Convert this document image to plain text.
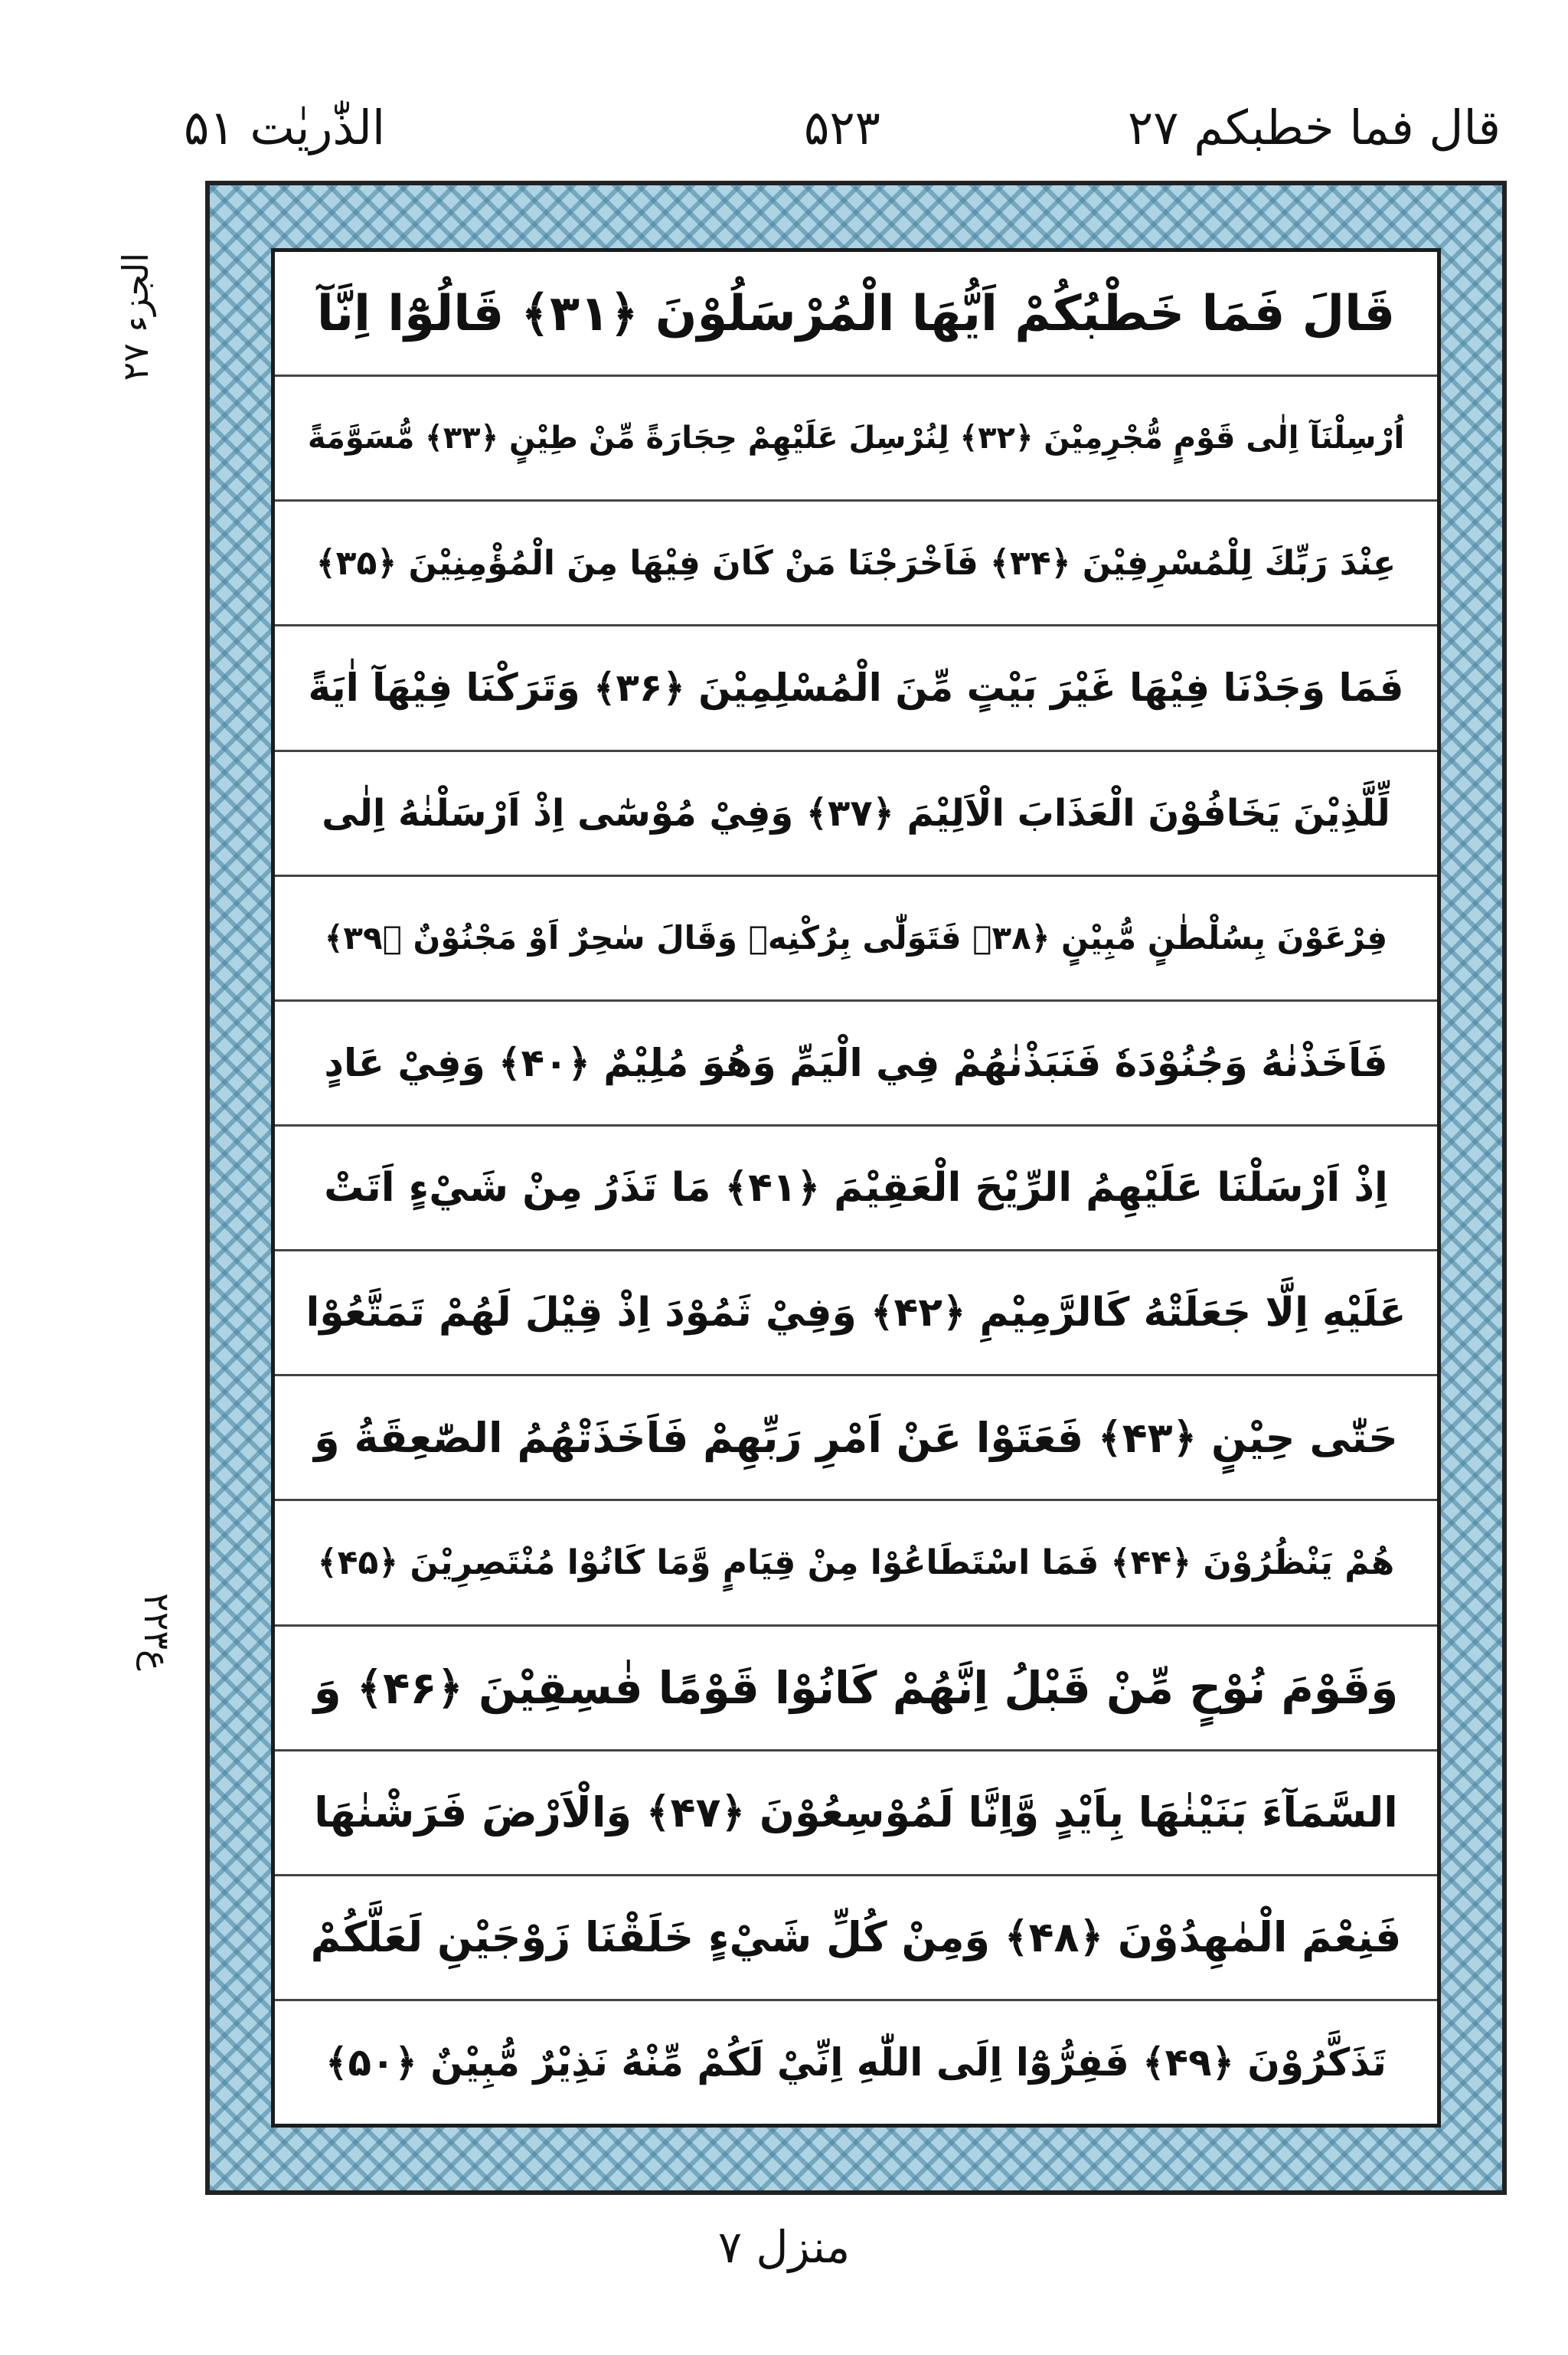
قال فما خطبکم ۲۷
۵۲۳
الذّٰریٰت ۵۱
الجزء ۲۷
۲ع۲۳
قَالَ فَمَا خَطْبُكُمْ اَيُّهَا الْمُرْسَلُوْنَ ﴿۳۱﴾ قَالُوْٓا اِنَّآ
اُرْسِلْنَآ اِلٰى قَوْمٍ مُّجْرِمِيْنَ ﴿۳۲﴾ لِنُرْسِلَ عَلَيْهِمْ حِجَارَةً مِّنْ طِيْنٍ ﴿۳۳﴾ مُّسَوَّمَةً
عِنْدَ رَبِّكَ لِلْمُسْرِفِيْنَ ﴿۳۴﴾ فَاَخْرَجْنَا مَنْ كَانَ فِيْهَا مِنَ الْمُؤْمِنِيْنَ ﴿۳۵﴾
فَمَا وَجَدْنَا فِيْهَا غَيْرَ بَيْتٍ مِّنَ الْمُسْلِمِيْنَ ﴿۳۶﴾ وَتَرَكْنَا فِيْهَآ اٰيَةً
لِّلَّذِيْنَ يَخَافُوْنَ الْعَذَابَ الْاَلِيْمَ ﴿۳۷﴾ وَفِيْ مُوْسٰٓى اِذْ اَرْسَلْنٰهُ اِلٰى
فِرْعَوْنَ بِسُلْطٰنٍ مُّبِيْنٍ ﴿۳۸﴾ فَتَوَلّٰى بِرُكْنِهٖ وَقَالَ سٰحِرٌ اَوْ مَجْنُوْنٌ ﴿۳۹﴾
فَاَخَذْنٰهُ وَجُنُوْدَهٗ فَنَبَذْنٰهُمْ فِي الْيَمِّ وَهُوَ مُلِيْمٌ ﴿۴۰﴾ وَفِيْ عَادٍ
اِذْ اَرْسَلْنَا عَلَيْهِمُ الرِّيْحَ الْعَقِيْمَ ﴿۴۱﴾ مَا تَذَرُ مِنْ شَيْءٍ اَتَتْ
عَلَيْهِ اِلَّا جَعَلَتْهُ كَالرَّمِيْمِ ﴿۴۲﴾ وَفِيْ ثَمُوْدَ اِذْ قِيْلَ لَهُمْ تَمَتَّعُوْا
حَتّٰى حِيْنٍ ﴿۴۳﴾ فَعَتَوْا عَنْ اَمْرِ رَبِّهِمْ فَاَخَذَتْهُمُ الصّٰعِقَةُ وَ
هُمْ يَنْظُرُوْنَ ﴿۴۴﴾ فَمَا اسْتَطَاعُوْا مِنْ قِيَامٍ وَّمَا كَانُوْا مُنْتَصِرِيْنَ ﴿۴۵﴾
وَقَوْمَ نُوْحٍ مِّنْ قَبْلُ اِنَّهُمْ كَانُوْا قَوْمًا فٰسِقِيْنَ ﴿۴۶﴾ وَ
السَّمَآءَ بَنَيْنٰهَا بِاَيْدٍ وَّاِنَّا لَمُوْسِعُوْنَ ﴿۴۷﴾ وَالْاَرْضَ فَرَشْنٰهَا
فَنِعْمَ الْمٰهِدُوْنَ ﴿۴۸﴾ وَمِنْ كُلِّ شَيْءٍ خَلَقْنَا زَوْجَيْنِ لَعَلَّكُمْ
تَذَكَّرُوْنَ ﴿۴۹﴾ فَفِرُّوْٓا اِلَى اللّٰهِ اِنِّيْ لَكُمْ مِّنْهُ نَذِيْرٌ مُّبِيْنٌ ﴿۵۰﴾
منزل ۷
